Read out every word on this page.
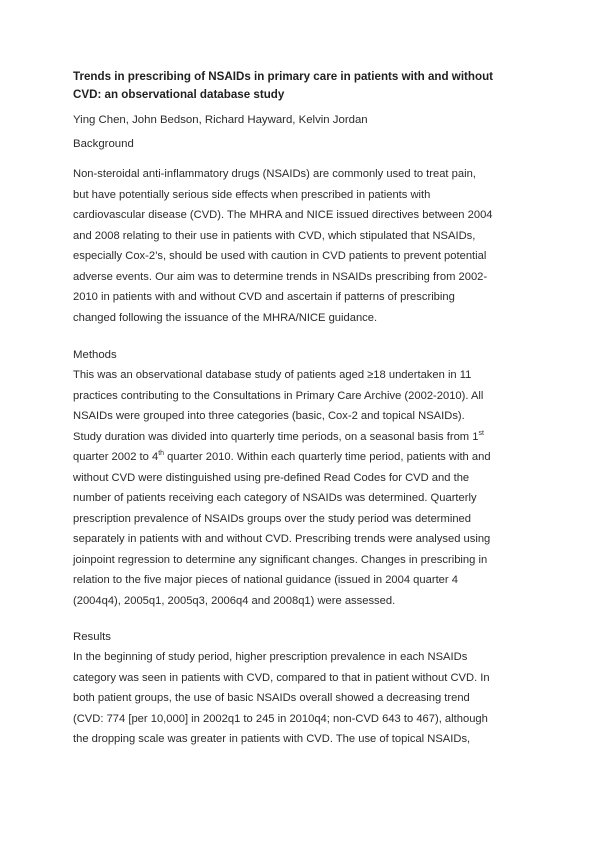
Trends in prescribing of NSAIDs in primary care in patients with and without
CVD: an observational database study
Ying Chen, John Bedson, Richard Hayward, Kelvin Jordan
Background

Non-steroidal anti-inflammatory drugs (NSAIDs) are commonly used to treat pain,
but have potentially serious side effects when prescribed in patients with
cardiovascular disease (CVD). The MHRA and NICE issued directives between 2004
and 2008 relating to their use in patients with CVD, which stipulated that NSAIDs,
especially Cox-2’s, should be used with caution in CVD patients to prevent potential
adverse events. Our aim was to determine trends in NSAIDs prescribing from 2002-
2010 in patients with and without CVD and ascertain if patterns of prescribing
changed following the issuance of the MHRA/NICE guidance.

Methods

This was an observational database study of patients aged ≥18 undertaken in 11
practices contributing to the Consultations in Primary Care Archive (2002-2010). All
NSAIDs were grouped into three categories (basic, Cox-2 and topical NSAIDs).
Study duration was divided into quarterly time periods, on a seasonal basis from 1st
quarter 2002 to 4th quarter 2010. Within each quarterly time period, patients with and
without CVD were distinguished using pre-defined Read Codes for CVD and the
number of patients receiving each category of NSAIDs was determined. Quarterly
prescription prevalence of NSAIDs groups over the study period was determined
separately in patients with and without CVD. Prescribing trends were analysed using
joinpoint regression to determine any significant changes. Changes in prescribing in
relation to the five major pieces of national guidance (issued in 2004 quarter 4
(2004q4), 2005q1, 2005q3, 2006q4 and 2008q1) were assessed.

Results

In the beginning of study period, higher prescription prevalence in each NSAIDs
category was seen in patients with CVD, compared to that in patient without CVD. In
both patient groups, the use of basic NSAIDs overall showed a decreasing trend
(CVD: 774 [per 10,000] in 2002q1 to 245 in 2010q4; non-CVD 643 to 467), although
the dropping scale was greater in patients with CVD. The use of topical NSAIDs,
